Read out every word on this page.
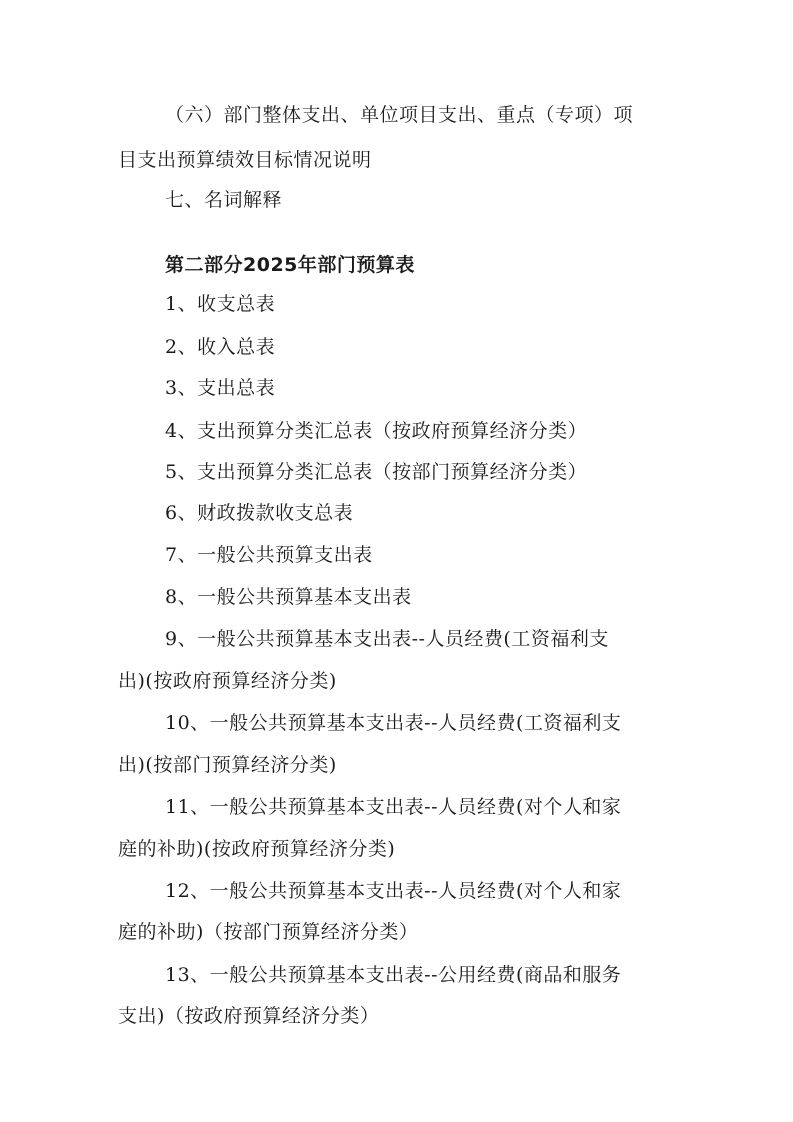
（六）部门整体支出、单位项目支出、重点（专项）项
目支出预算绩效目标情况说明
七、名词解释
第二部分2025年部门预算表
1、收支总表
2、收入总表
3、支出总表
4、支出预算分类汇总表（按政府预算经济分类）
5、支出预算分类汇总表（按部门预算经济分类）
6、财政拨款收支总表
7、一般公共预算支出表
8、一般公共预算基本支出表
9、一般公共预算基本支出表--人员经费(工资福利支
出)(按政府预算经济分类)
10、一般公共预算基本支出表--人员经费(工资福利支
出)(按部门预算经济分类)
11、一般公共预算基本支出表--人员经费(对个人和家
庭的补助)(按政府预算经济分类)
12、一般公共预算基本支出表--人员经费(对个人和家
庭的补助)（按部门预算经济分类）
13、一般公共预算基本支出表--公用经费(商品和服务
支出)（按政府预算经济分类）
